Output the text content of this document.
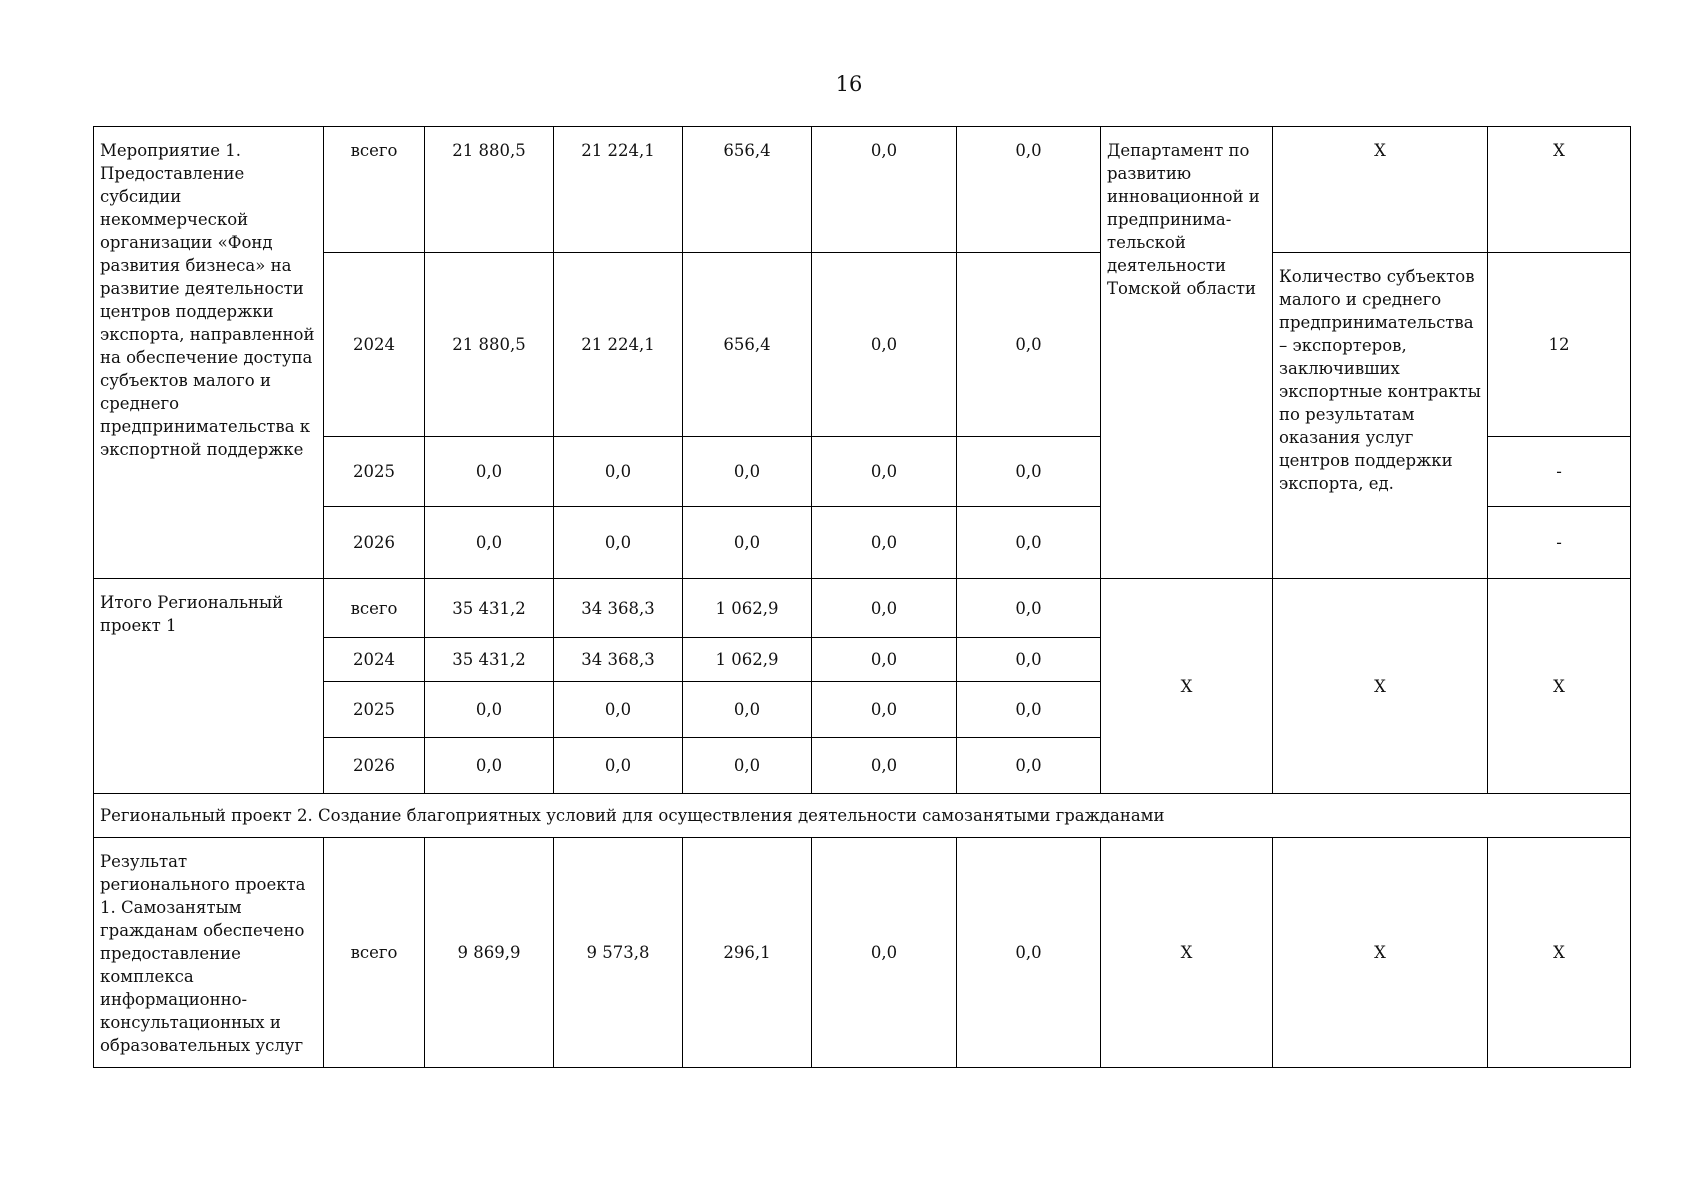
16
Мероприятие 1. Предоставление субсидии некоммерческой организации «Фонд развития бизнеса» на развитие деятельности центров поддержки экспорта, направленной на обеспечение доступа субъектов малого и среднего предпринимательства к экспортной поддержке	всего	21 880,5	21 224,1	656,4	0,0	0,0	Департамент по развитию инновационной и предпринима-тельской деятельности Томской области	X	X
	2024	21 880,5	21 224,1	656,4	0,0	0,0		Количество субъектов малого и среднего предпринимательства – экспортеров, заключивших экспортные контракты по результатам оказания услуг центров поддержки экспорта, ед.	12
	2025	0,0	0,0	0,0	0,0	0,0			-
	2026	0,0	0,0	0,0	0,0	0,0			-
Итого Региональный проект 1	всего	35 431,2	34 368,3	1 062,9	0,0	0,0	X	X	X
	2024	35 431,2	34 368,3	1 062,9	0,0	0,0			
	2025	0,0	0,0	0,0	0,0	0,0			
	2026	0,0	0,0	0,0	0,0	0,0			
Региональный проект 2. Создание благоприятных условий для осуществления деятельности самозанятыми гражданами									
Результат регионального проекта 1. Самозанятым гражданам обеспечено предоставление комплекса информационно-консультационных и образовательных услуг	всего	9 869,9	9 573,8	296,1	0,0	0,0	X	X	X
